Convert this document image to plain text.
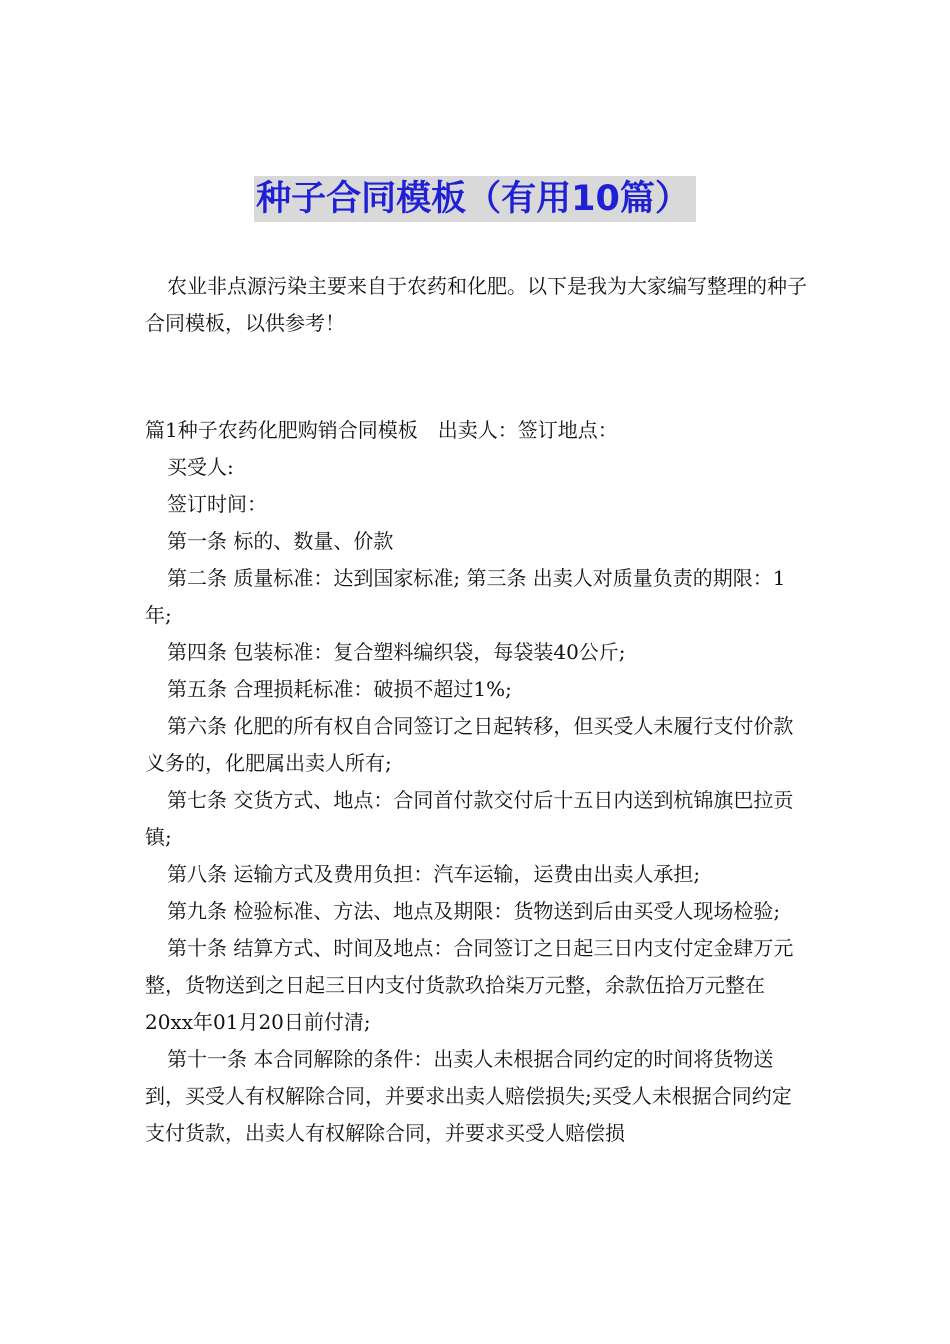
种子合同模板（有用10篇）

农业非点源污染主要来自于农药和化肥。以下是我为大家编写整理的种子合同模板，以供参考！

篇1种子农药化肥购销合同模板　出卖人：签订地点：

买受人:

签订时间：

第一条 标的、数量、价款

第二条 质量标准：达到国家标准; 第三条 出卖人对质量负责的期限：1年;

第四条 包装标准：复合塑料编织袋，每袋装40公斤;

第五条 合理损耗标准：破损不超过1%;

第六条 化肥的所有权自合同签订之日起转移，但买受人未履行支付价款义务的，化肥属出卖人所有;

第七条 交货方式、地点：合同首付款交付后十五日内送到杭锦旗巴拉贡镇;

第八条 运输方式及费用负担：汽车运输，运费由出卖人承担;

第九条 检验标准、方法、地点及期限：货物送到后由买受人现场检验;

第十条 结算方式、时间及地点：合同签订之日起三日内支付定金肆万元整，货物送到之日起三日内支付货款玖拾柒万元整，余款伍拾万元整在20xx年01月20日前付清;

第十一条 本合同解除的条件：出卖人未根据合同约定的时间将货物送到，买受人有权解除合同，并要求出卖人赔偿损失;买受人未根据合同约定支付货款，出卖人有权解除合同，并要求买受人赔偿损
